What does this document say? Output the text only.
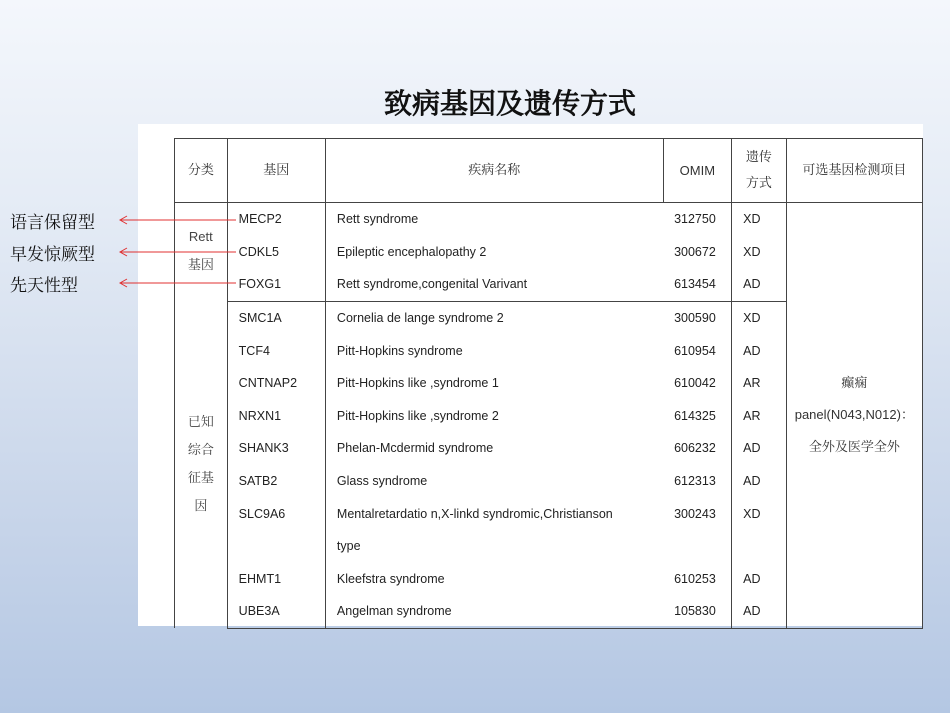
致病基因及遗传方式
语言保留型
早发惊厥型
先天性型
分类	基因	疾病名称	OMIM	遗传方式	可选基因检测项目
Rett基因	MECP2	Rett syndrome	312750	XD	癫痫panel(N043,N012)：全外及医学全外
	CDKL5	Epileptic encephalopathy 2	300672	XD	
	FOXG1	Rett syndrome,congenital Varivant	613454	AD	
已知综合征基因	SMC1A	Cornelia de lange syndrome 2	300590	XD	
	TCF4	Pitt-Hopkins syndrome	610954	AD	
	CNTNAP2	Pitt-Hopkins like ,syndrome 1	610042	AR	
	NRXN1	Pitt-Hopkins like ,syndrome 2	614325	AR	
	SHANK3	Phelan-Mcdermid syndrome	606232	AD	
	SATB2	Glass syndrome	612313	AD	
	SLC9A6	Mentalretardatio n,X-linkd syndromic,Christianson	300243	XD	
		type			
	EHMT1	Kleefstra syndrome	610253	AD	
	UBE3A	Angelman syndrome	105830	AD	
